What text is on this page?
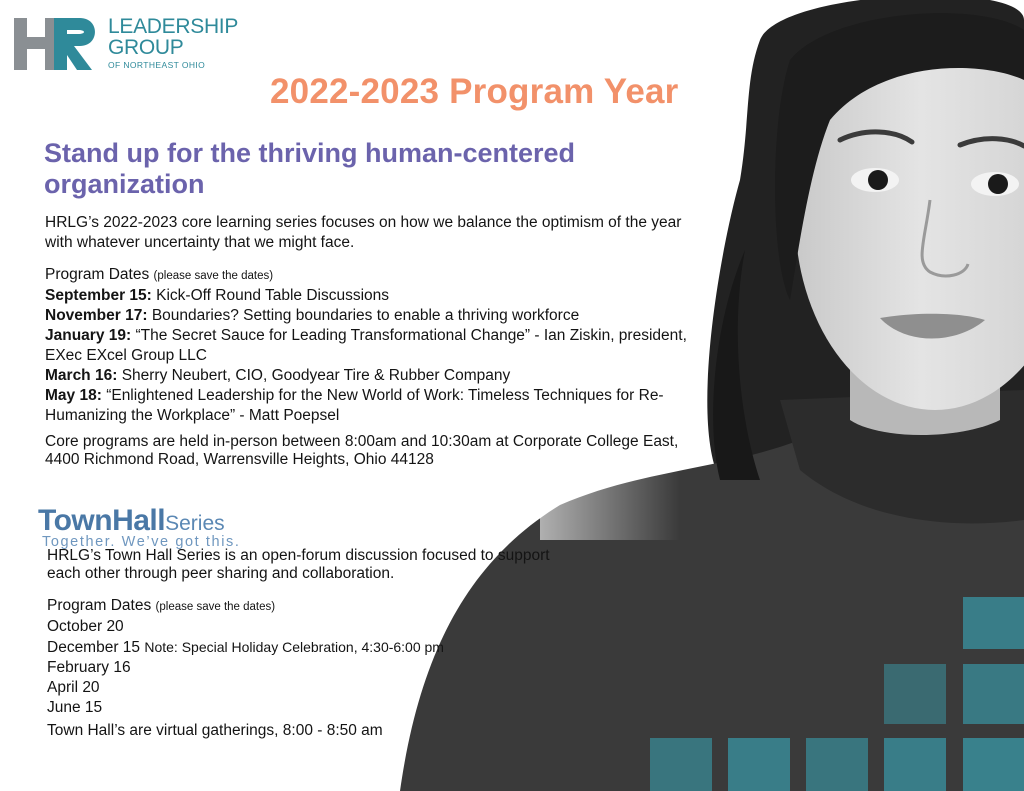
LEADERSHIP
GROUP
OF NORTHEAST OHIO
2022-2023 Program Year
Stand up for the thriving human-centered organization
HRLG’s 2022-2023 core learning series focuses on how we balance the optimism of the year with whatever uncertainty that we might face.
Program Dates (please save the dates)
September 15: Kick-Off Round Table Discussions
November 17: Boundaries? Setting boundaries to enable a thriving workforce
January 19: “The Secret Sauce for Leading Transformational Change” - Ian Ziskin, president, EXec EXcel Group LLC
March 16: Sherry Neubert, CIO, Goodyear Tire & Rubber Company
May 18: “Enlightened Leadership for the New World of Work: Timeless Techniques for Re-Humanizing the Workplace” - Matt Poepsel
Core programs are held in-person between 8:00am and 10:30am at Corporate College East, 4400 Richmond Road, Warrensville Heights, Ohio 44128
TownHallSeries
Together. We’ve got this.
HRLG’s Town Hall Series is an open-forum discussion focused to support each other through peer sharing and collaboration.
Program Dates (please save the dates)
October 20
December 15 Note: Special Holiday Celebration, 4:30-6:00 pm
February 16
April 20
June 15
Town Hall’s are virtual gatherings, 8:00 - 8:50 am
